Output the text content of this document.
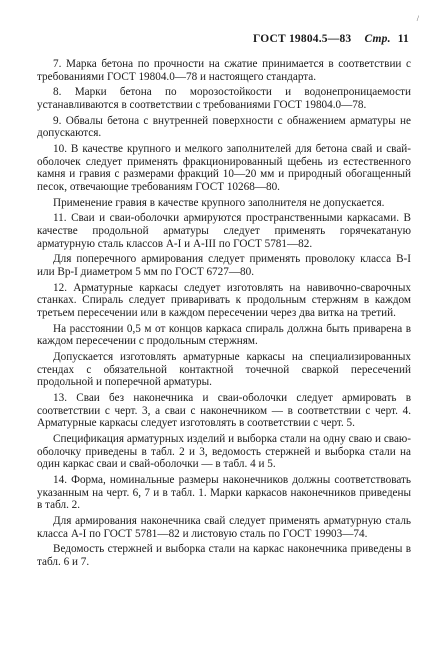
/
ГОСТ 19804.5—83 Стр. 11

7. Марка бетона по прочности на сжатие принимается в соответствии с требованиями ГОСТ 19804.0—78 и настоящего стандарта.

8. Марки бетона по морозостойкости и водонепроницаемости устанавливаются в соответствии с требованиями ГОСТ 19804.0—78.

9. Обвалы бетона с внутренней поверхности с обнажением арматуры не допускаются.

10. В качестве крупного и мелкого заполнителей для бетона свай и свай-оболочек следует применять фракционированный щебень из естественного камня и гравия с размерами фракций 10—20 мм и природный обогащенный песок, отвечающие требованиям ГОСТ 10268—80.

Применение гравия в качестве крупного заполнителя не допускается.

11. Сваи и сваи-оболочки армируются пространственными каркасами. В качестве продольной арматуры следует применять горячекатаную арматурную сталь классов А-I и А-III по ГОСТ 5781—82.

Для поперечного армирования следует применять проволоку класса В-I или Вр-I диаметром 5 мм по ГОСТ 6727—80.

12. Арматурные каркасы следует изготовлять на навивочно-сварочных станках. Спираль следует приваривать к продольным стержням в каждом третьем пересечении или в каждом пересечении через два витка на третий.

На расстоянии 0,5 м от концов каркаса спираль должна быть приварена в каждом пересечении с продольным стержням.

Допускается изготовлять арматурные каркасы на специализированных стендах с обязательной контактной точечной сваркой пересечений продольной и поперечной арматуры.

13. Сваи без наконечника и сваи-оболочки следует армировать в соответствии с черт. 3, а сваи с наконечником — в соответствии с черт. 4. Арматурные каркасы следует изготовлять в соответствии с черт. 5.

Спецификация арматурных изделий и выборка стали на одну сваю и сваю-оболочку приведены в табл. 2 и 3, ведомость стержней и выборка стали на один каркас сваи и свай-оболочки — в табл. 4 и 5.

14. Форма, номинальные размеры наконечников должны соответствовать указанным на черт. 6, 7 и в табл. 1. Марки каркасов наконечников приведены в табл. 2.

Для армирования наконечника свай следует применять арматурную сталь класса А-I по ГОСТ 5781—82 и листовую сталь по ГОСТ 19903—74.

Ведомость стержней и выборка стали на каркас наконечника приведены в табл. 6 и 7.
